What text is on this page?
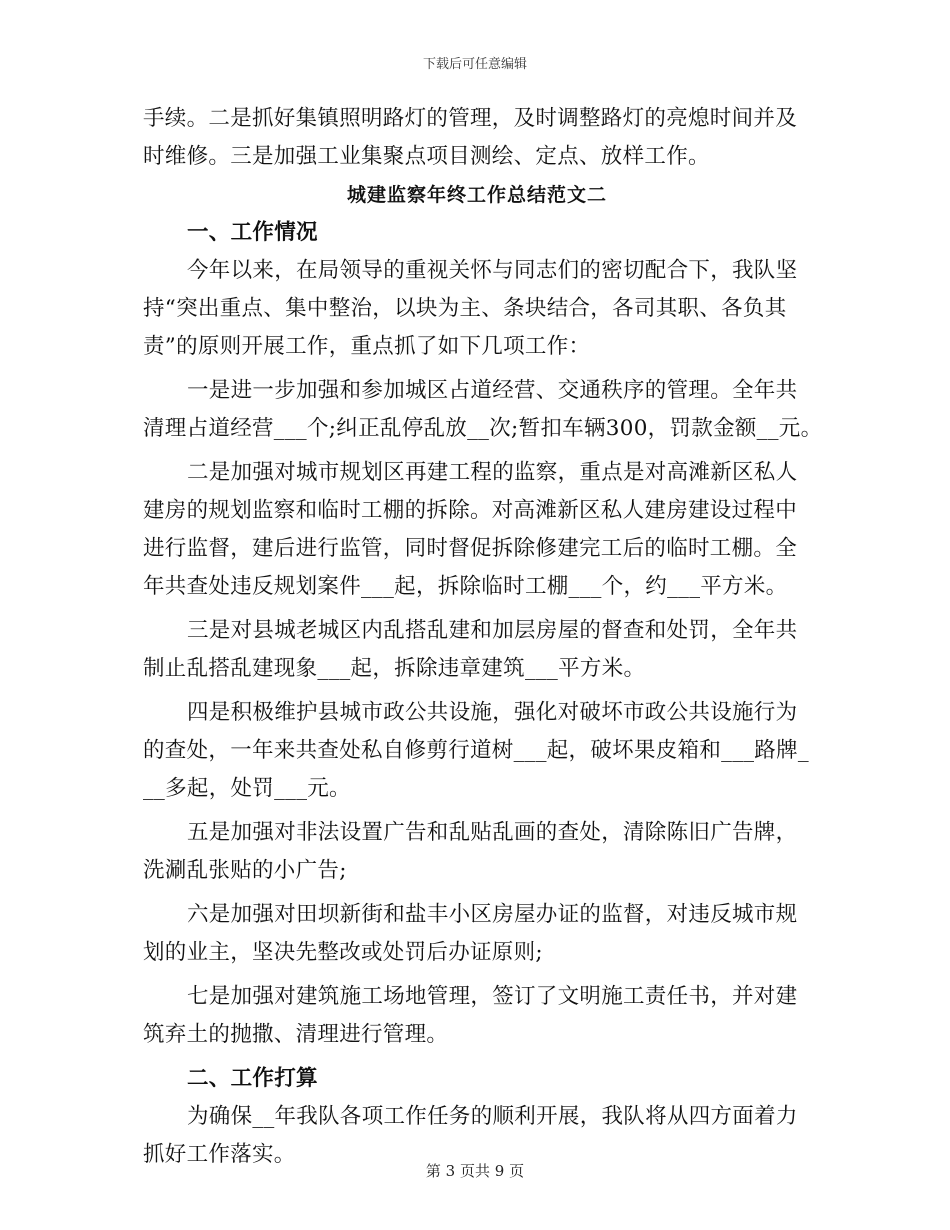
下载后可任意编辑
手续。二是抓好集镇照明路灯的管理，及时调整路灯的亮熄时间并及
时维修。三是加强工业集聚点项目测绘、定点、放样工作。
城建监察年终工作总结范文二
一、工作情况
今年以来，在局领导的重视关怀与同志们的密切配合下，我队坚
持“突出重点、集中整治，以块为主、条块结合，各司其职、各负其
责”的原则开展工作，重点抓了如下几项工作：
一是进一步加强和参加城区占道经营、交通秩序的管理。全年共
清理占道经营___个;纠正乱停乱放__次;暂扣车辆300，罚款金额__元。
二是加强对城市规划区再建工程的监察，重点是对高滩新区私人
建房的规划监察和临时工棚的拆除。对高滩新区私人建房建设过程中
进行监督，建后进行监管，同时督促拆除修建完工后的临时工棚。全
年共查处违反规划案件___起，拆除临时工棚___个，约___平方米。
三是对县城老城区内乱搭乱建和加层房屋的督查和处罚，全年共
制止乱搭乱建现象___起，拆除违章建筑___平方米。
四是积极维护县城市政公共设施，强化对破坏市政公共设施行为
的查处，一年来共查处私自修剪行道树___起，破坏果皮箱和___路牌_
__多起，处罚___元。
五是加强对非法设置广告和乱贴乱画的查处，清除陈旧广告牌，
洗涮乱张贴的小广告;
六是加强对田坝新街和盐丰小区房屋办证的监督，对违反城市规
划的业主，坚决先整改或处罚后办证原则;
七是加强对建筑施工场地管理，签订了文明施工责任书，并对建
筑弃土的抛撒、清理进行管理。
二、工作打算
为确保__年我队各项工作任务的顺利开展，我队将从四方面着力
抓好工作落实。
第 3 页共 9 页
